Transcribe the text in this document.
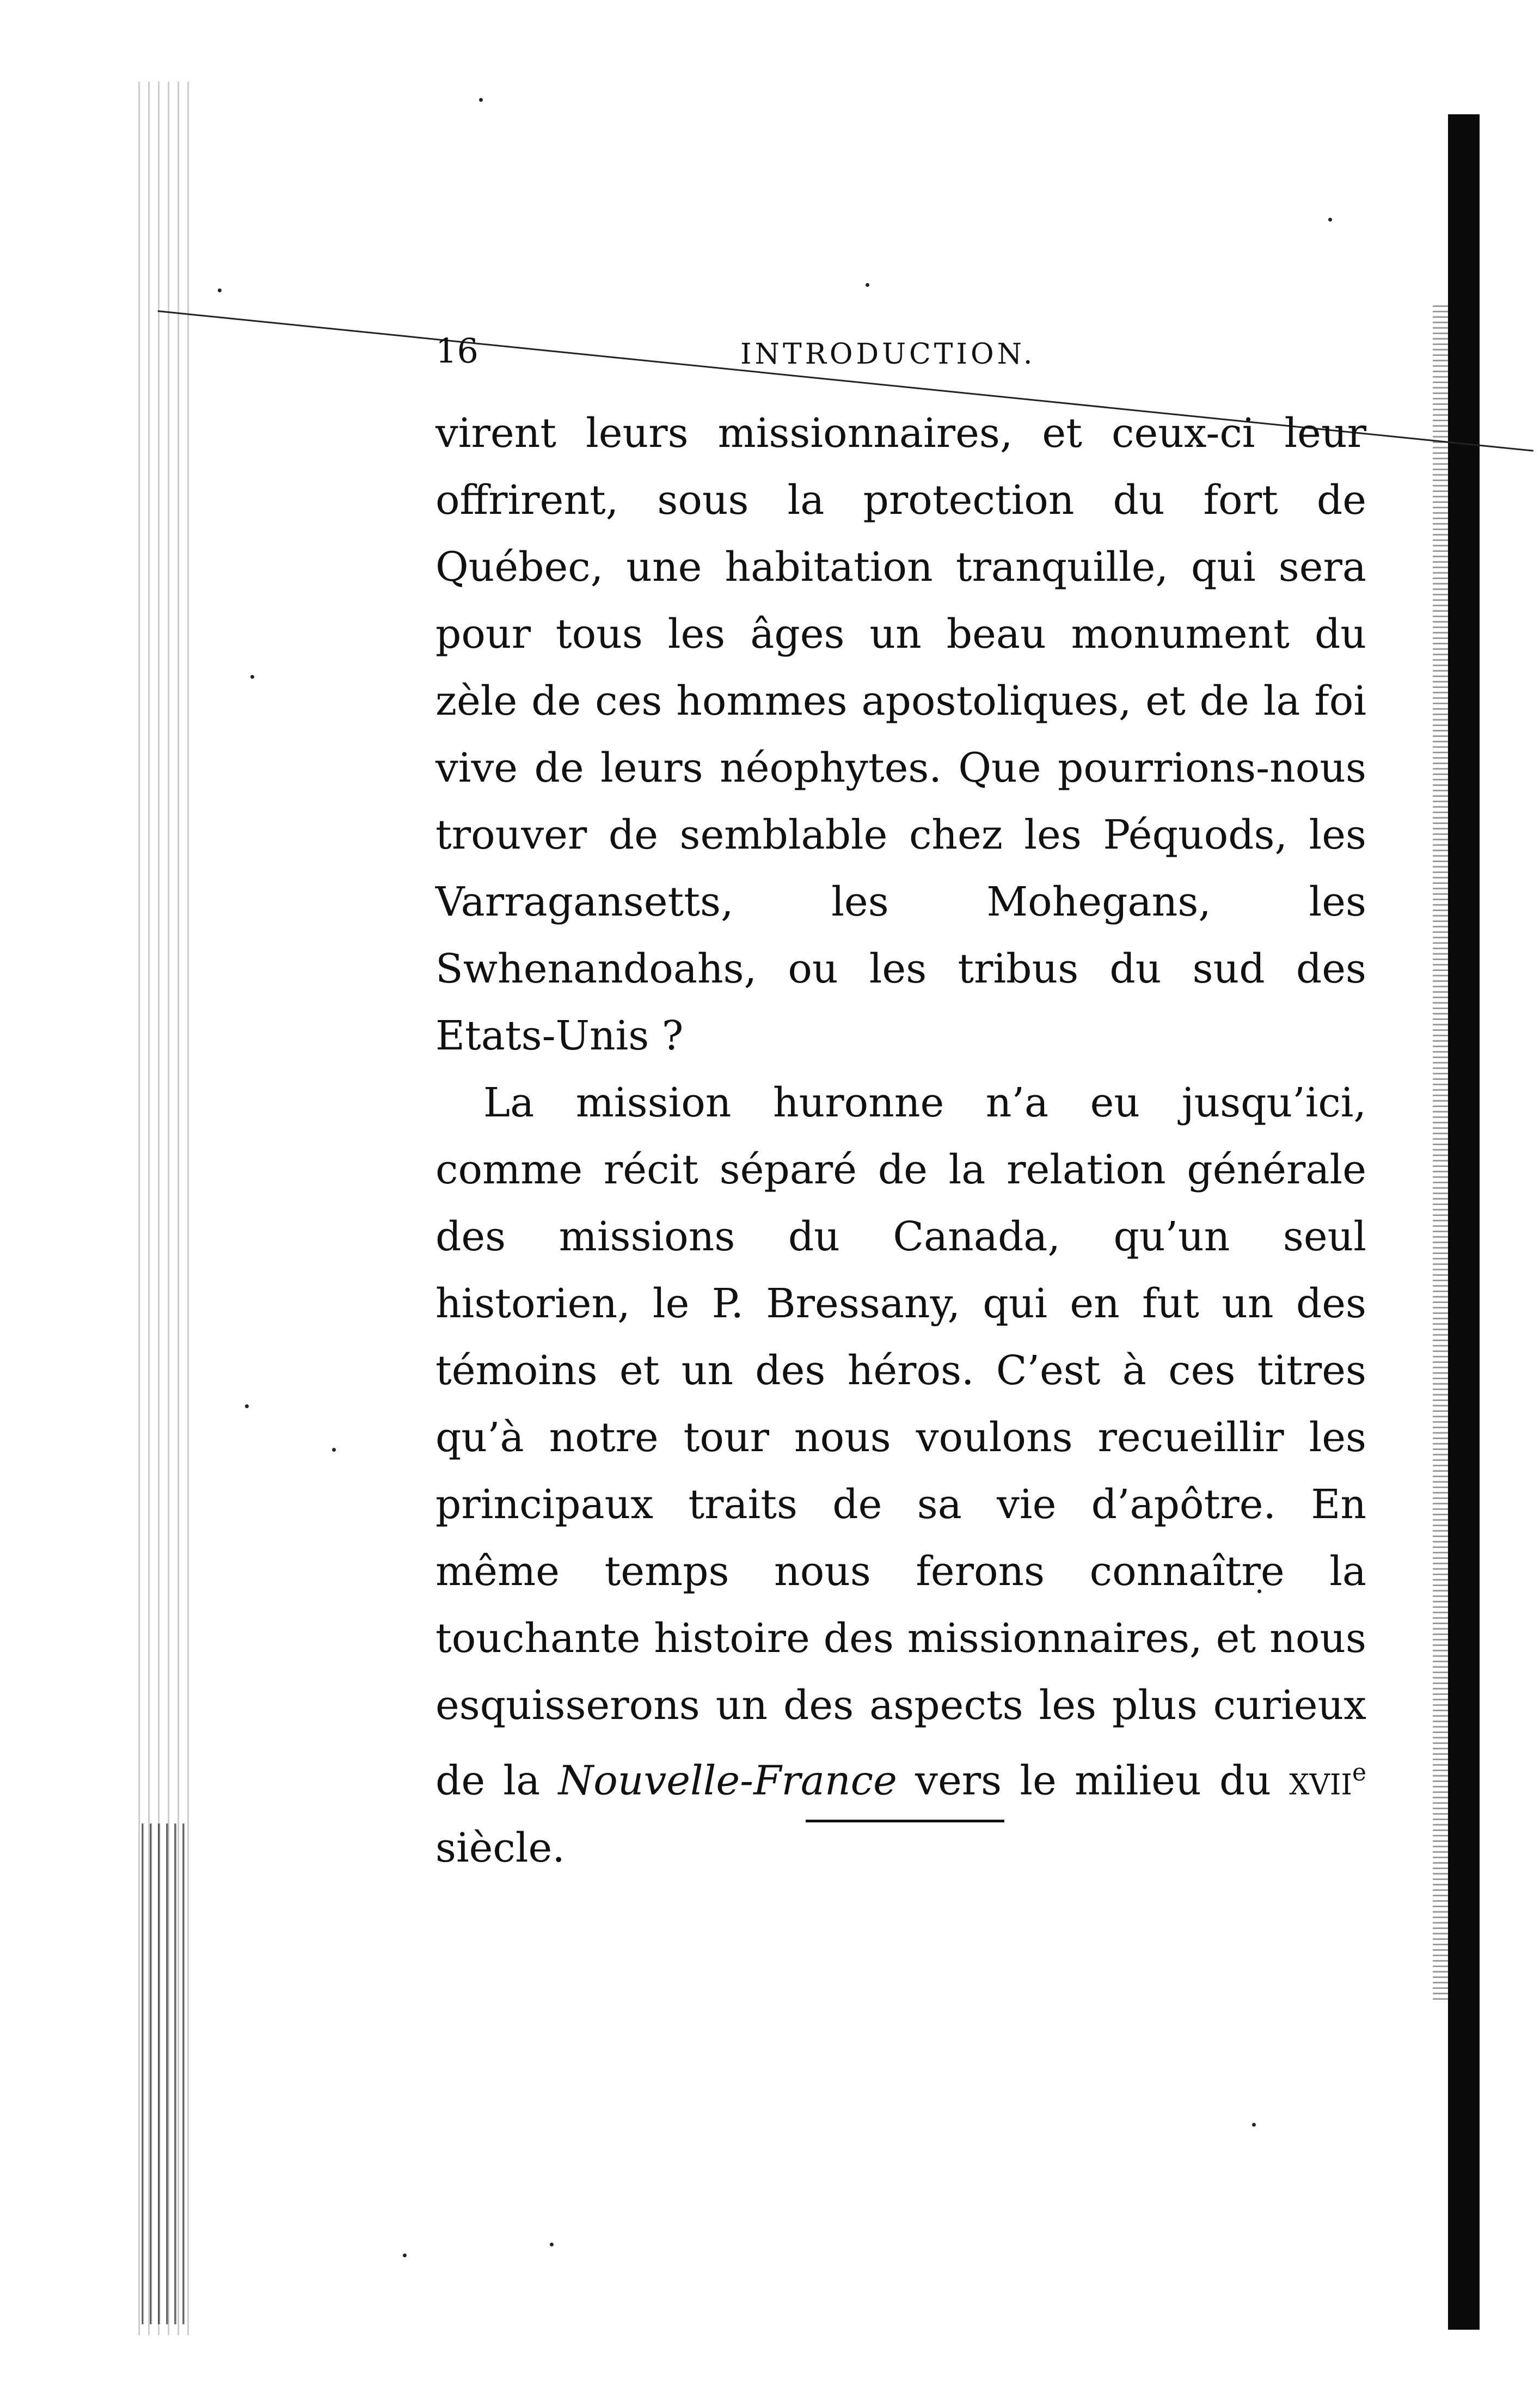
16	INTRODUCTION.

virent leurs missionnaires, et ceux-ci leur offrirent, sous la protection du fort de Québec, une habitation tranquille, qui sera pour tous les âges un beau monument du zèle de ces hommes apostoliques, et de la foi vive de leurs néophytes. Que pourrions-nous trouver de semblable chez les Péquods, les Varragansetts, les Mohegans, les Swhenandoahs, ou les tribus du sud des Etats-Unis ?

La mission huronne n’a eu jusqu’ici, comme récit séparé de la relation générale des missions du Canada, qu’un seul historien, le P. Bressany, qui en fut un des témoins et un des héros. C’est à ces titres qu’à notre tour nous voulons recueillir les principaux traits de sa vie d’apôtre. En même temps nous ferons connaître la touchante histoire des missionnaires, et nous esquisserons un des aspects les plus curieux de la Nouvelle-France vers le milieu du xvii$^e$ siècle.
